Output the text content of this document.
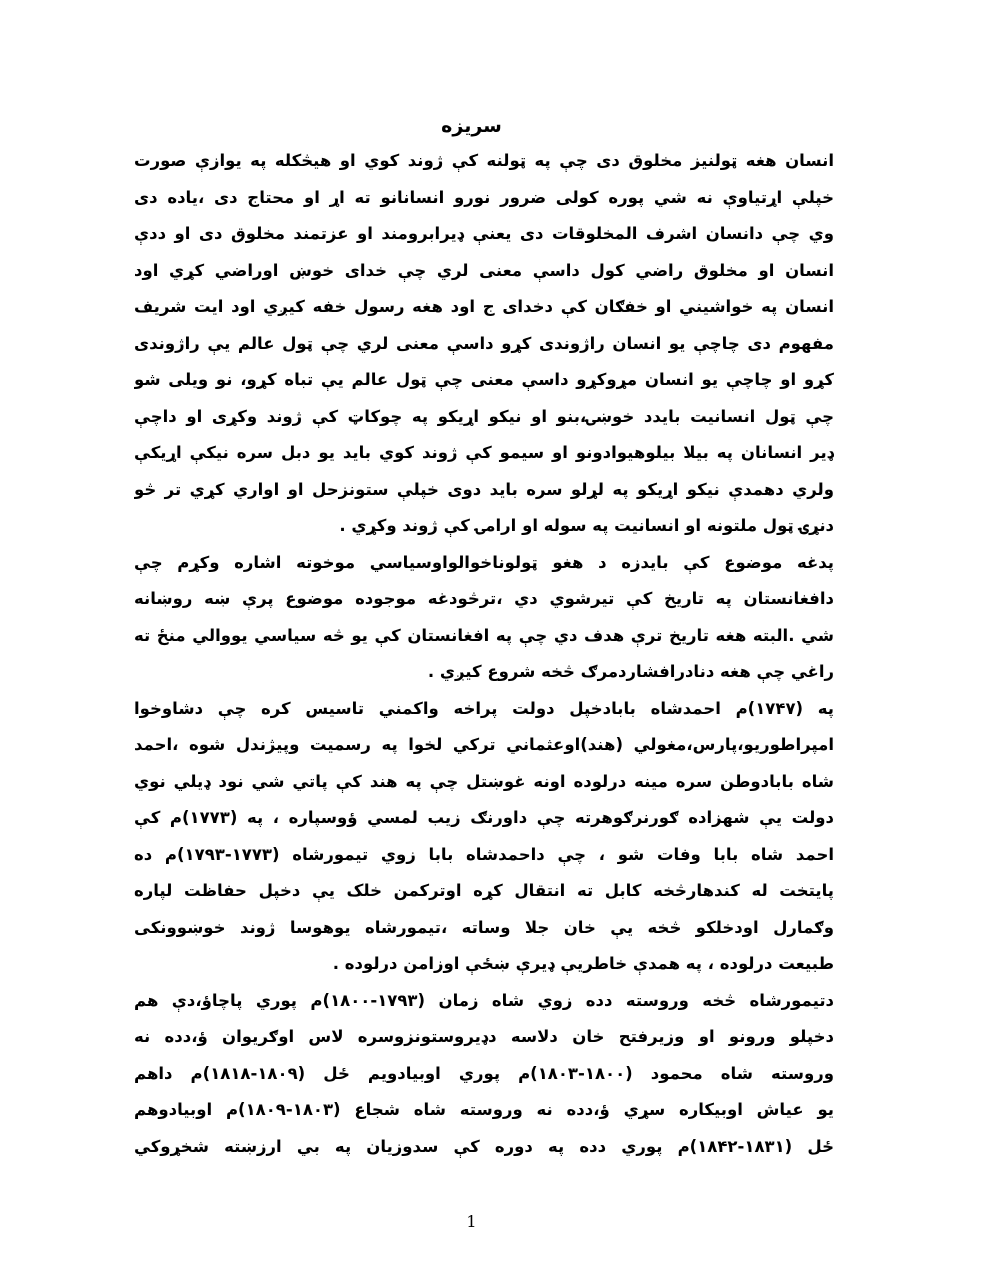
سریزه
انسان هغه ټولنیز مخلوق دی چې په ټولنه کې ژوند کوي او هیڅکله په یوازې صورت
خپلې اړتیاوې نه شي پوره کولی ضرور نورو انسانانو ته اړ او محتاج دی ،یاده دی
وي چې دانسان اشرف المخلوقات دی یعنې ډیرابرومند او عزتمند مخلوق دی او ددې
انسان او مخلوق راضي کول داسې معنی لري چې خدای خوښ اوراضي کړي اود
انسان په خواشیني او خفګان کې دخدای ج اود هغه رسول خفه کیږي اود ایت شریف
مفهوم دی چاچې یو انسان راژوندی کړو داسې معنی لري چې ټول عالم یې راژوندی
کړو او چاچې یو انسان مړوکړو داسې معنی چې ټول عالم یې تباه کړو، نو ویلی شو
چې ټول انسانیت بایدد خوښۍ،بنو او نیکو اړیکو په چوکاټ کې ژوند وکړی او داچې
ډیر انسانان په بیلا بیلوهیوادونو او سیمو کې ژوند کوي باید یو دبل سره نیکې اړیکې
ولري دهمدې نیکو اړیکو په لړلو سره باید دوی خپلې ستونزحل او اواري کړي تر څو
دنړۍ ټول ملتونه او انسانیت په سوله او ارامۍ کې ژوند وکړي .
پدغه موضوع کې بایدزه د هغو ټولوناخوالواوسیاسي موخوته اشاره وکړم چې
دافغانستان په تاریخ کې تیرشوي دي ،ترڅودغه موجوده موضوع پرې ښه روښانه
شي .البته هغه تاریخ ترې هدف دي چې په افغانستان کې یو څه سیاسي یووالي منځ ته
راغي چې هغه دنادرافشاردمرګ څخه شروع کیږي .
په (۱۷۴۷)م احمدشاه بابادخپل دولت پراخه واکمني تاسیس کره چې دشاوخوا
امپراطوریو،پارس،مغولي (هند)اوعثماني ترکي لخوا په رسمیت وپیژندل شوه ،احمد
شاه بابادوطن سره مینه درلوده اونه غوښتل چې په هند کې پاتي شي نود ډیلي نوي
دولت یې شهزاده ګورنرګوهرته چې داورنګ زیب لمسي ؤوسپاره ، په (۱۷۷۳)م کې
احمد شاه بابا وفات شو ، چې داحمدشاه بابا زوي تیمورشاه (۱۷۷۳-۱۷۹۳)م ده
پایتخت له کندهارڅخه کابل ته انتقال کړه اوترکمن خلک یې دخپل حفاظت لپاره
وګمارل اودخلکو څخه یې خان جلا وساته ،تیمورشاه یوهوسا ژوند خوښوونکی
طبیعت درلوده ، په همدې خاطریې ډیرې ښځې اوزامن درلوده .
دتیمورشاه څخه وروسته دده زوي شاه زمان (۱۷۹۳-۱۸۰۰)م پوري پاچاؤ،دې هم
دخپلو ورونو او وزیرفتح خان دلاسه دډیروستونزوسره لاس اوګریوان ؤ،دده نه
وروسته شاه محمود (۱۸۰۰-۱۸۰۳)م پوري اوبیادویم ځل (۱۸۰۹-۱۸۱۸)م داهم
یو عیاش اوبیکاره سړي ؤ،دده نه وروسته شاه شجاع (۱۸۰۳-۱۸۰۹)م اوبیادوهم
ځل (۱۸۳۱-۱۸۴۲)م پوري دده په دوره کې سدوزیان په بي ارزښته شخړوکي
1
